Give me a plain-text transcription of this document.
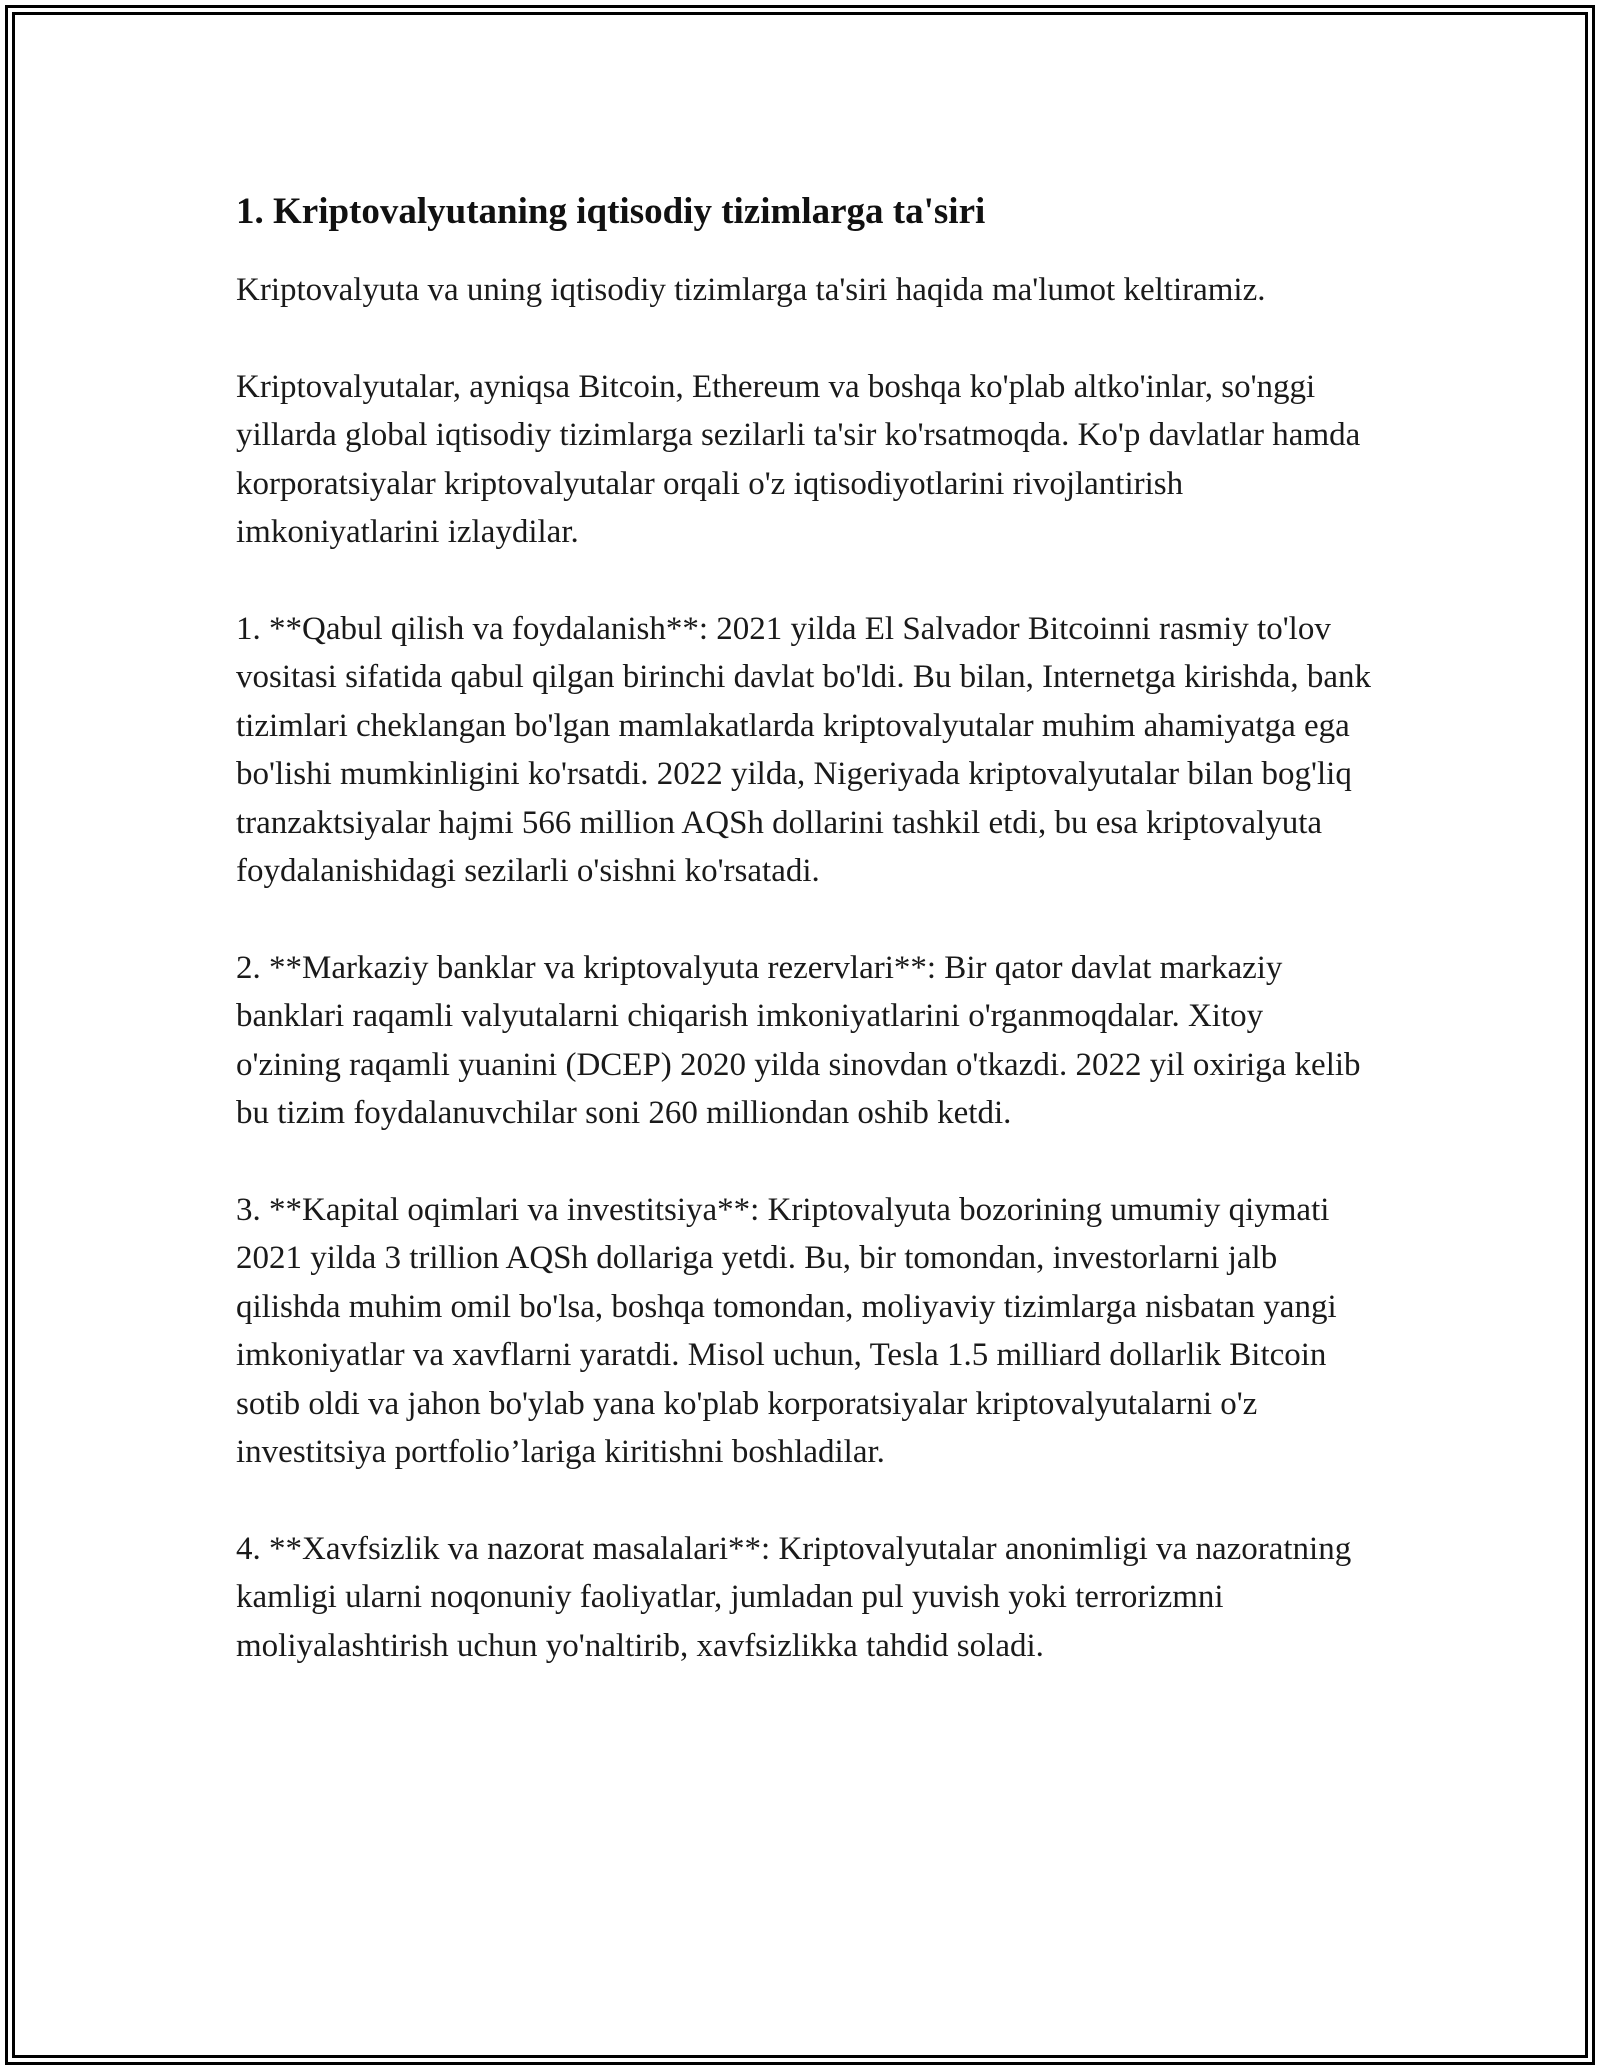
1. Kriptovalyutaning iqtisodiy tizimlarga ta'siri

Kriptovalyuta va uning iqtisodiy tizimlarga ta'siri haqida ma'lumot keltiramiz.

Kriptovalyutalar, ayniqsa Bitcoin, Ethereum va boshqa ko'plab altko'inlar, so'nggi yillarda global iqtisodiy tizimlarga sezilarli ta'sir ko'rsatmoqda. Ko'p davlatlar hamda korporatsiyalar kriptovalyutalar orqali o'z iqtisodiyotlarini rivojlantirish imkoniyatlarini izlaydilar.

1. **Qabul qilish va foydalanish**: 2021 yilda El Salvador Bitcoinni rasmiy to'lov vositasi sifatida qabul qilgan birinchi davlat bo'ldi. Bu bilan, Internetga kirishda, bank tizimlari cheklangan bo'lgan mamlakatlarda kriptovalyutalar muhim ahamiyatga ega bo'lishi mumkinligini ko'rsatdi. 2022 yilda, Nigeriyada kriptovalyutalar bilan bog'liq tranzaktsiyalar hajmi 566 million AQSh dollarini tashkil etdi, bu esa kriptovalyuta foydalanishidagi sezilarli o'sishni ko'rsatadi.

2. **Markaziy banklar va kriptovalyuta rezervlari**: Bir qator davlat markaziy banklari raqamli valyutalarni chiqarish imkoniyatlarini o'rganmoqdalar. Xitoy o'zining raqamli yuanini (DCEP) 2020 yilda sinovdan o'tkazdi. 2022 yil oxiriga kelib bu tizim foydalanuvchilar soni 260 milliondan oshib ketdi.

3. **Kapital oqimlari va investitsiya**: Kriptovalyuta bozorining umumiy qiymati 2021 yilda 3 trillion AQSh dollariga yetdi. Bu, bir tomondan, investorlarni jalb qilishda muhim omil bo'lsa, boshqa tomondan, moliyaviy tizimlarga nisbatan yangi imkoniyatlar va xavflarni yaratdi. Misol uchun, Tesla 1.5 milliard dollarlik Bitcoin sotib oldi va jahon bo'ylab yana ko'plab korporatsiyalar kriptovalyutalarni o'z investitsiya portfolio’lariga kiritishni boshladilar.

4. **Xavfsizlik va nazorat masalalari**: Kriptovalyutalar anonimligi va nazoratning kamligi ularni noqonuniy faoliyatlar, jumladan pul yuvish yoki terrorizmni moliyalashtirish uchun yo'naltirib, xavfsizlikka tahdid soladi.
